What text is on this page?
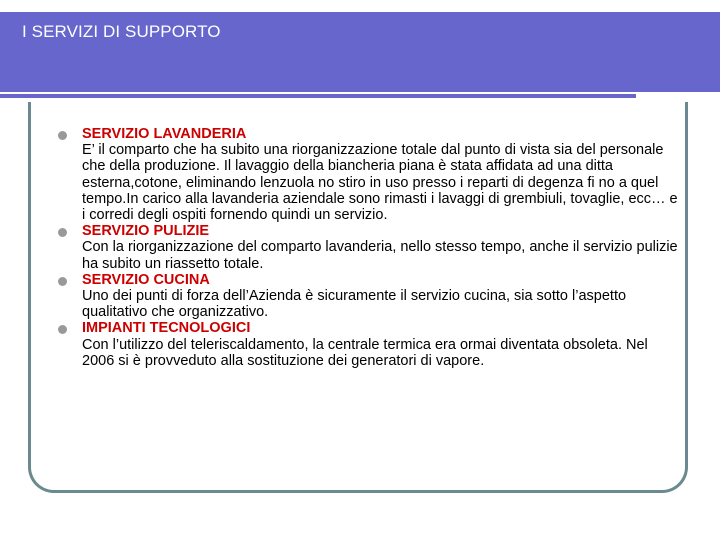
I SERVIZI DI SUPPORTO
SERVIZIO LAVANDERIA
E’ il comparto che ha subito una riorganizzazione totale dal punto di vista sia del personale che della produzione. Il lavaggio della biancheria piana è stata affidata ad una ditta esterna,cotone, eliminando lenzuola no stiro in uso presso i reparti di degenza fi no a quel tempo.In carico alla lavanderia aziendale sono rimasti i lavaggi di grembiuli, tovaglie, ecc… e i corredi degli ospiti fornendo quindi un servizio.
SERVIZIO PULIZIE
Con la riorganizzazione del comparto lavanderia, nello stesso tempo, anche il servizio pulizie ha subito un riassetto totale.
SERVIZIO CUCINA
Uno dei punti di forza dell’Azienda è sicuramente il servizio cucina, sia sotto l’aspetto qualitativo che organizzativo.
IMPIANTI TECNOLOGICI
Con l’utilizzo del teleriscaldamento, la centrale termica era ormai diventata obsoleta. Nel 2006 si è provveduto alla sostituzione dei generatori di vapore.
